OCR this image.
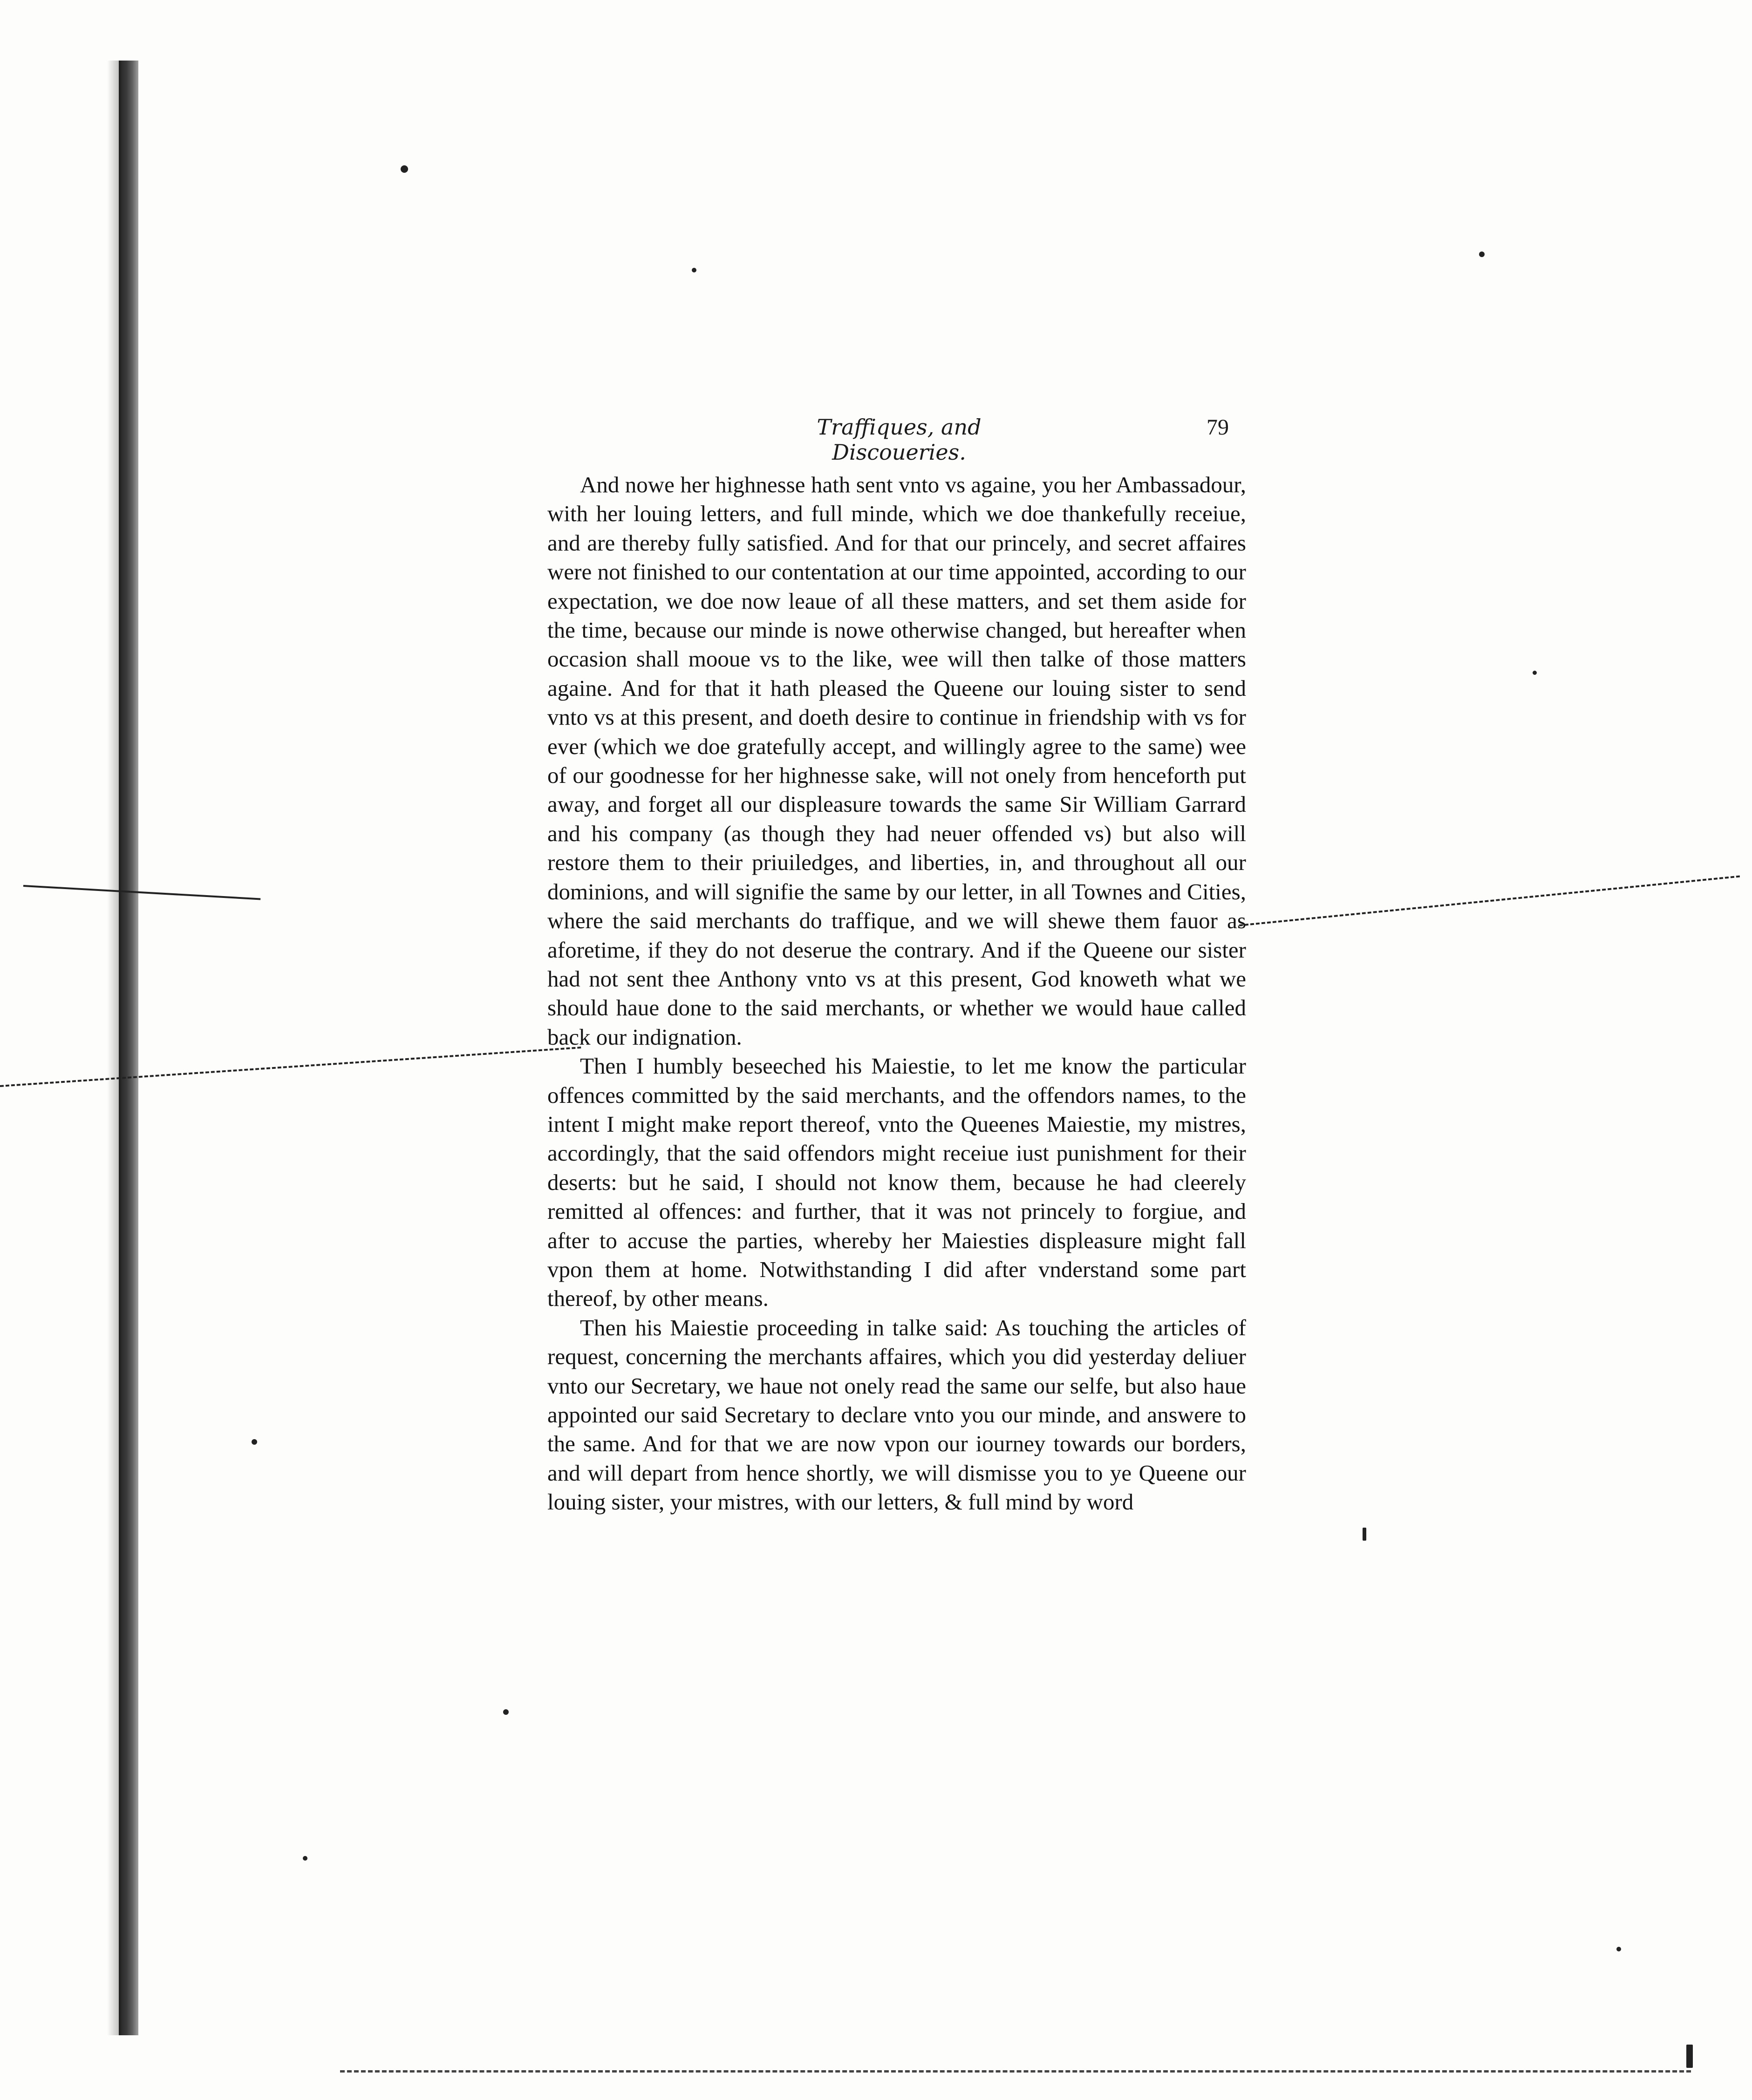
Traffiques, and Discoueries.
79

And nowe her highnesse hath sent vnto vs againe, you her Ambassadour, with her louing letters, and full minde, which we doe thankefully receiue, and are thereby fully satisfied. And for that our princely, and secret affaires were not finished to our contentation at our time appointed, according to our expectation, we doe now leaue of all these matters, and set them aside for the time, because our minde is nowe otherwise changed, but hereafter when occasion shall mooue vs to the like, wee will then talke of those matters againe. And for that it hath pleased the Queene our louing sister to send vnto vs at this present, and doeth desire to continue in friendship with vs for ever (which we doe gratefully accept, and willingly agree to the same) wee of our goodnesse for her highnesse sake, will not onely from henceforth put away, and forget all our displeasure towards the same Sir William Garrard and his company (as though they had neuer offended vs) but also will restore them to their priuiledges, and liberties, in, and throughout all our dominions, and will signifie the same by our letter, in all Townes and Cities, where the said merchants do traffique, and we will shewe them fauor as aforetime, if they do not deserue the contrary. And if the Queene our sister had not sent thee Anthony vnto vs at this present, God knoweth what we should haue done to the said merchants, or whether we would haue called back our indignation.

Then I humbly beseeched his Maiestie, to let me know the particular offences committed by the said merchants, and the offendors names, to the intent I might make report thereof, vnto the Queenes Maiestie, my mistres, accordingly, that the said offendors might receiue iust punishment for their deserts: but he said, I should not know them, because he had cleerely remitted al offences: and further, that it was not princely to forgiue, and after to accuse the parties, whereby her Maiesties displeasure might fall vpon them at home. Notwithstanding I did after vnderstand some part thereof, by other means.

Then his Maiestie proceeding in talke said: As touching the articles of request, concerning the merchants affaires, which you did yesterday deliuer vnto our Secretary, we haue not onely read the same our selfe, but also haue appointed our said Secretary to declare vnto you our minde, and answere to the same. And for that we are now vpon our iourney towards our borders, and will depart from hence shortly, we will dismisse you to ye Queene our louing sister, your mistres, with our letters, & full mind by word
